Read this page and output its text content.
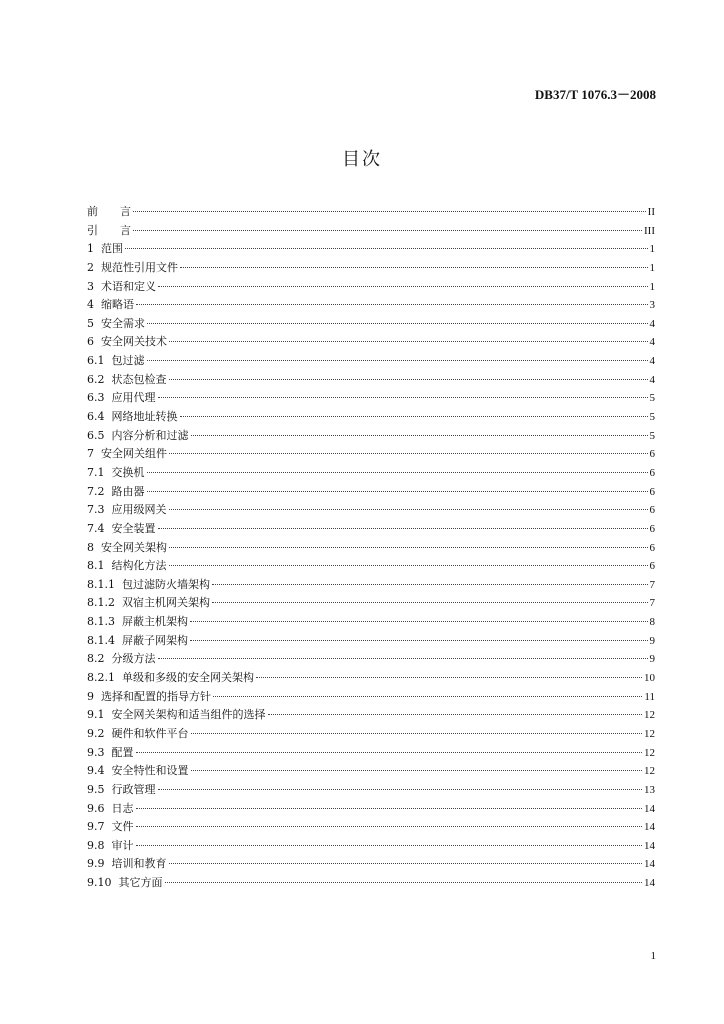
DB37/T 1076.3－2008
目次
前　　言	II
引　　言	III
1  范围	1
2  规范性引用文件	1
3  术语和定义	1
4  缩略语	3
5  安全需求	4
6  安全网关技术	4
6.1  包过滤	4
6.2  状态包检查	4
6.3  应用代理	5
6.4  网络地址转换	5
6.5  内容分析和过滤	5
7  安全网关组件	6
7.1  交换机	6
7.2  路由器	6
7.3  应用级网关	6
7.4  安全装置	6
8  安全网关架构	6
8.1  结构化方法	6
8.1.1  包过滤防火墙架构	7
8.1.2  双宿主机网关架构	7
8.1.3  屏蔽主机架构	8
8.1.4  屏蔽子网架构	9
8.2  分级方法	9
8.2.1  单级和多级的安全网关架构	10
9  选择和配置的指导方针	11
9.1  安全网关架构和适当组件的选择	12
9.2  硬件和软件平台	12
9.3  配置	12
9.4  安全特性和设置	12
9.5  行政管理	13
9.6  日志	14
9.7  文件	14
9.8  审计	14
9.9  培训和教育	14
9.10  其它方面	14
1
